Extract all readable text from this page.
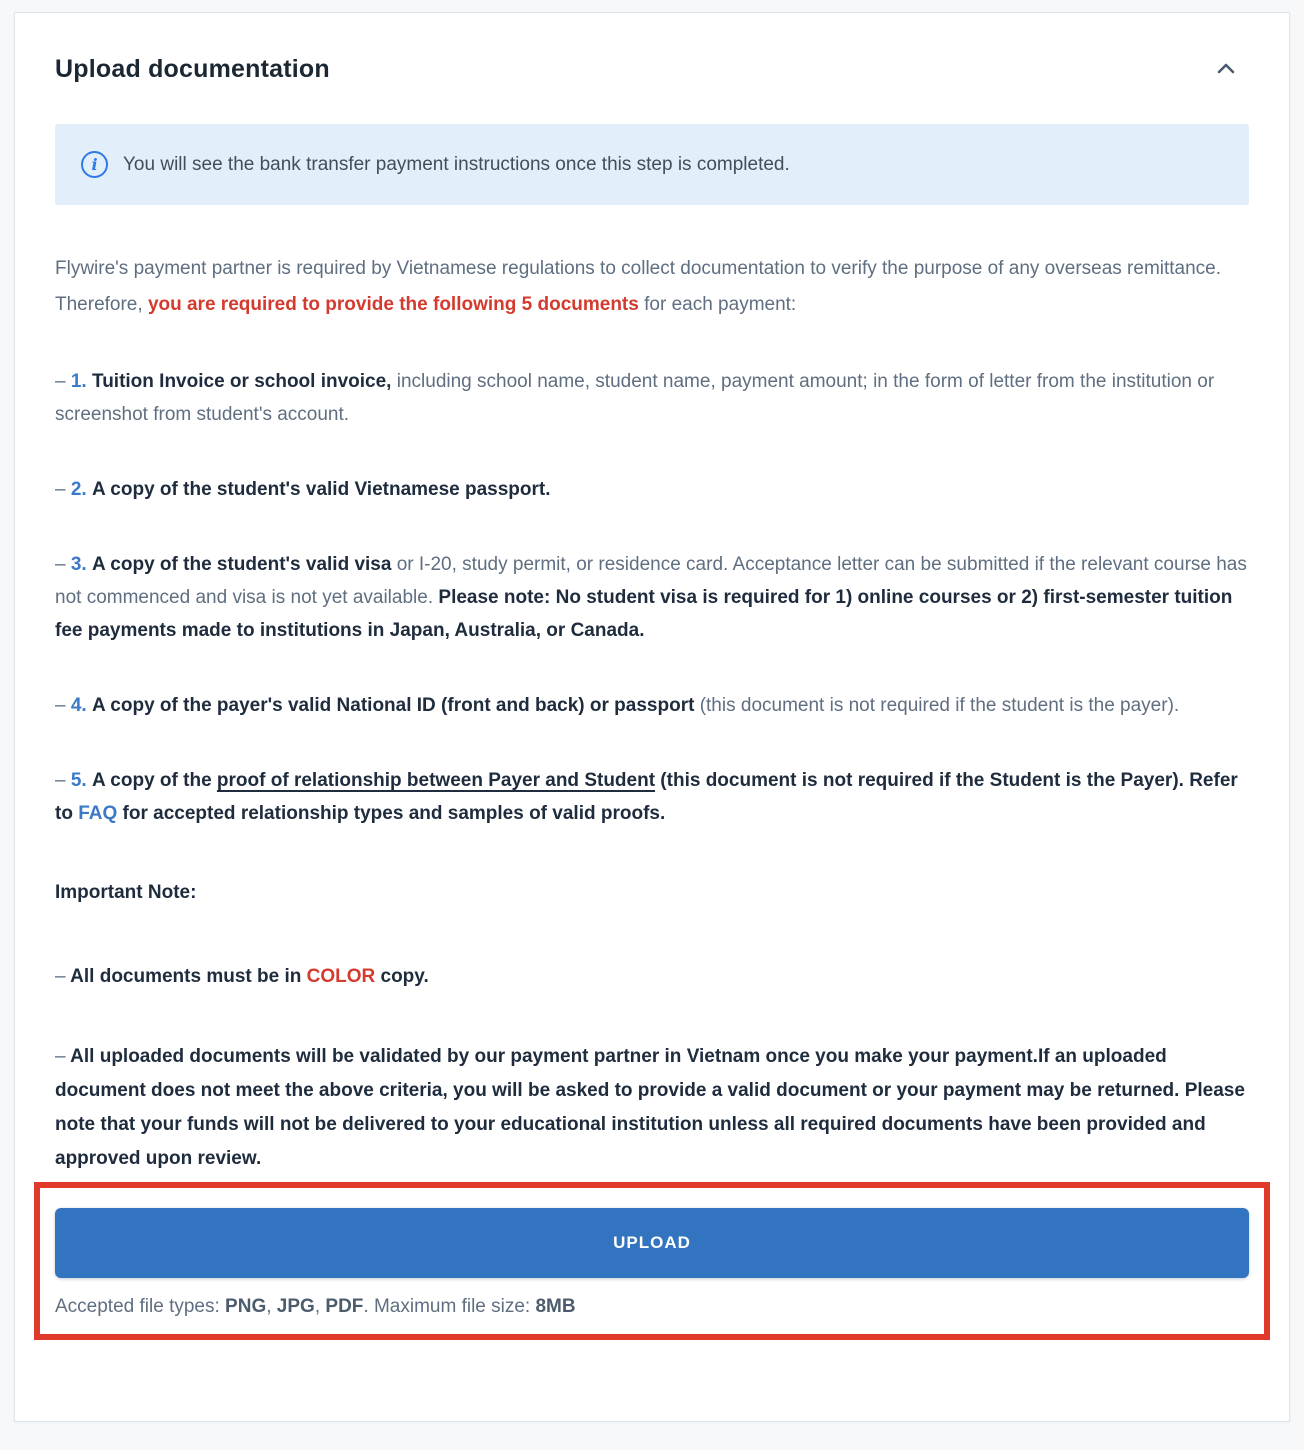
Upload documentation
i	You will see the bank transfer payment instructions once this step is completed.

Flywire's payment partner is required by Vietnamese regulations to collect documentation to verify the purpose of any overseas remittance. Therefore, you are required to provide the following 5 documents for each payment:

– 1. Tuition Invoice or school invoice, including school name, student name, payment amount; in the form of letter from the institution or screenshot from student's account.

– 2. A copy of the student's valid Vietnamese passport.

– 3. A copy of the student's valid visa or I-20, study permit, or residence card. Acceptance letter can be submitted if the relevant course has not commenced and visa is not yet available. Please note: No student visa is required for 1) online courses or 2) first-semester tuition fee payments made to institutions in Japan, Australia, or Canada.

– 4. A copy of the payer's valid National ID (front and back) or passport (this document is not required if the student is the payer).

– 5. A copy of the proof of relationship between Payer and Student (this document is not required if the Student is the Payer). Refer to FAQ for accepted relationship types and samples of valid proofs.

Important Note:

– All documents must be in COLOR copy.

– All uploaded documents will be validated by our payment partner in Vietnam once you make your payment.If an uploaded document does not meet the above criteria, you will be asked to provide a valid document or your payment may be returned. Please note that your funds will not be delivered to your educational institution unless all required documents have been provided and approved upon review.

UPLOAD

Accepted file types: PNG, JPG, PDF. Maximum file size: 8MB
